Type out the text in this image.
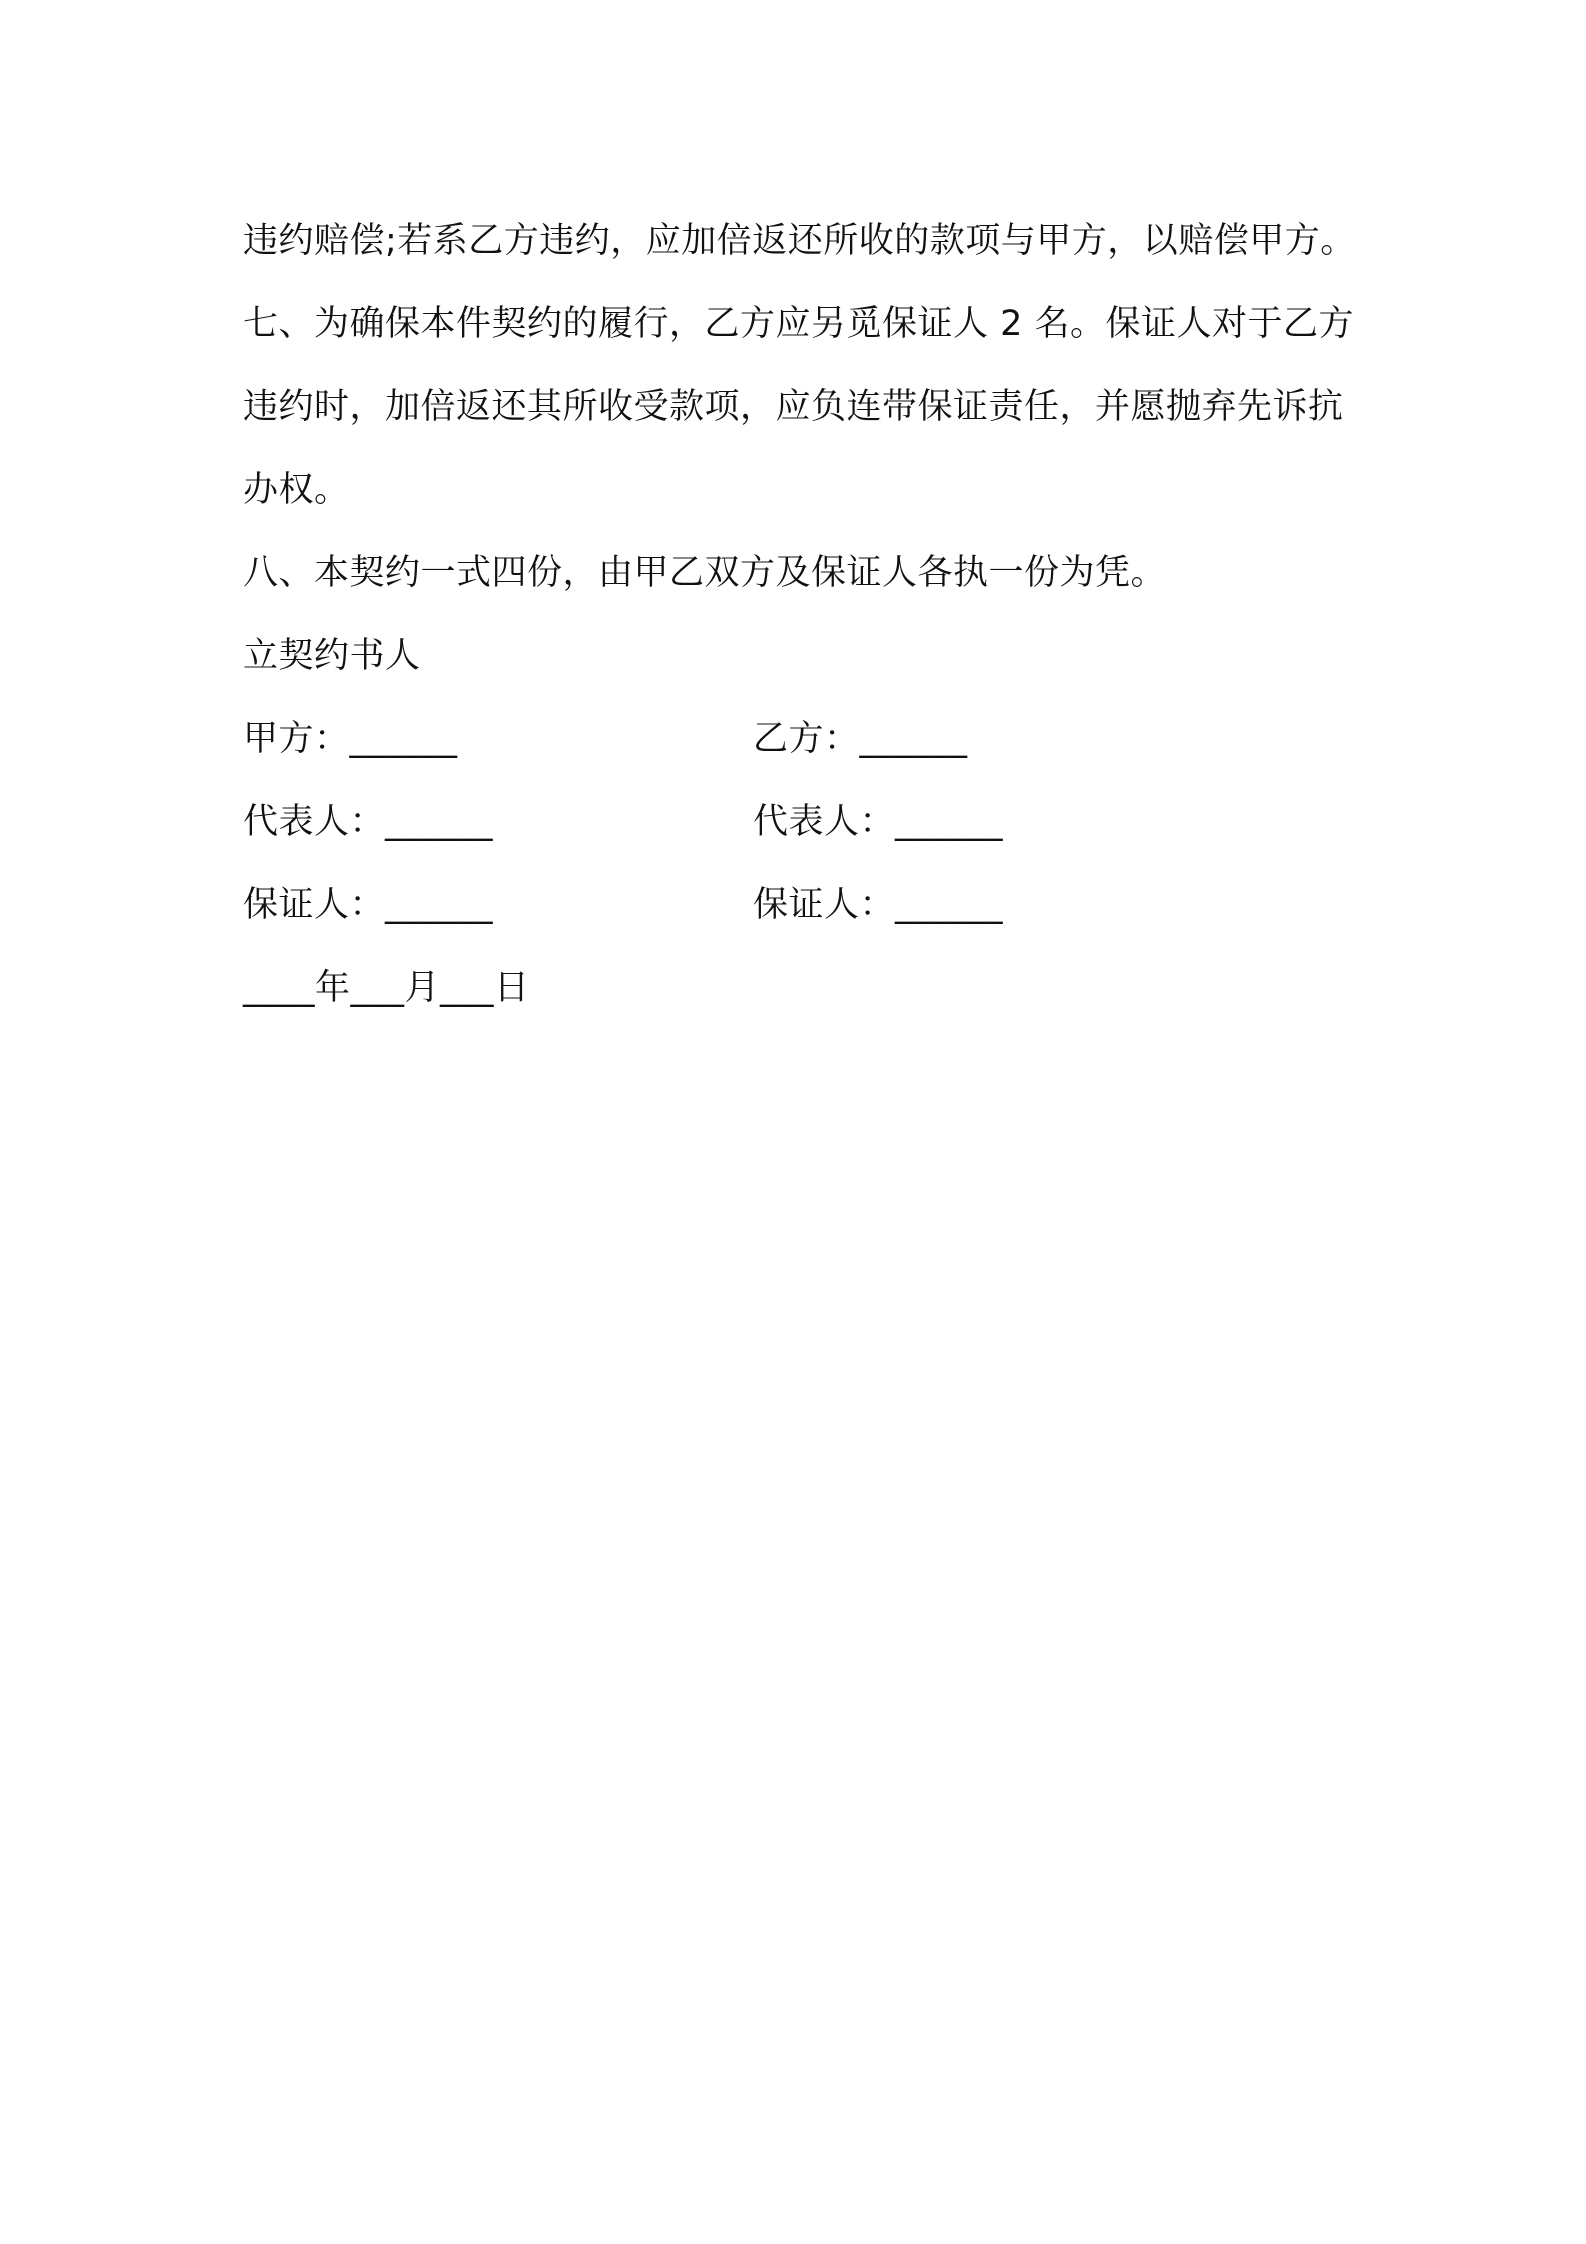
违约赔偿;若系乙方违约，应加倍返还所收的款项与甲方，以赔偿甲方。

七、为确保本件契约的履行，乙方应另觅保证人 2 名。保证人对于乙方违约时，加倍返还其所收受款项，应负连带保证责任，并愿抛弃先诉抗办权。

八、本契约一式四份，由甲乙双方及保证人各执一份为凭。

立契约书人

甲方：______	乙方：______
代表人：______	代表人：______
保证人：______	保证人：______

____年___月___日
